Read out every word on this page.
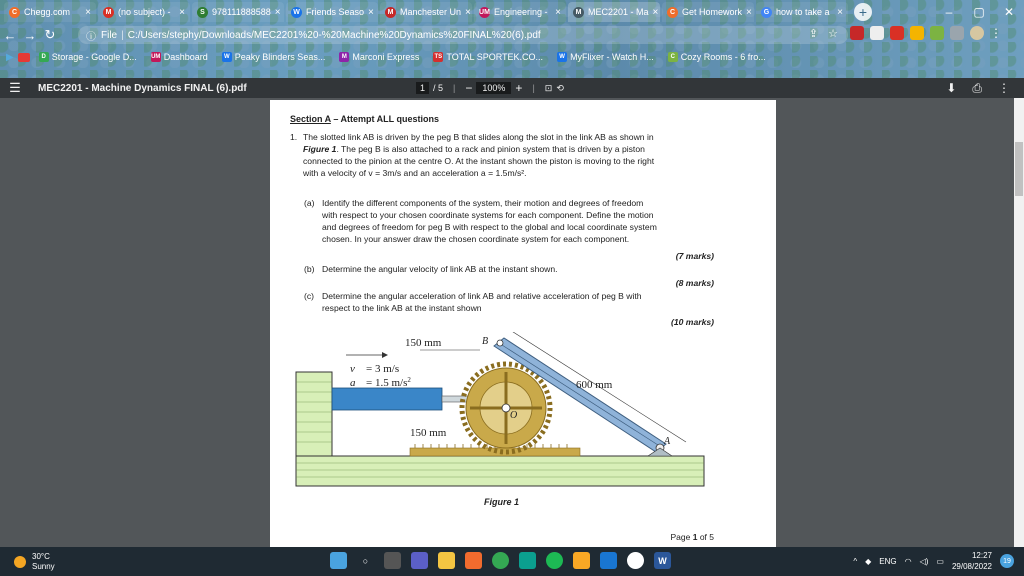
C Chegg.com	×	M (no subject) - ×	S 978111888588 ×	W Friends Seaso ×	M Manchester Un × UM Engineering - ×	M MEC2201 - Ma ×	C Get Homework ×	G how to take a ×	+	–	▢	✕
← → ↻	ⓘ File | C:/Users/stephy/Downloads/MEC2201%20-%20Machine%20Dynamics%20FINAL%20(6).pdf	⇪ ☆	⋮
▶	D Storage - Google D... UM Dashboard	W Peaky Blinders Seas...	M Marconi Express	TS TOTAL SPORTEK.CO...	W MyFlixer - Watch H...	C Cozy Rooms - 6 fro...
☰	MEC2201 - Machine Dynamics FINAL (6).pdf	1 / 5 | −	100% + | ⊡ ⟲	⬇ ⎙ ⋮
Section A – Attempt ALL questions
1. The slotted link AB is driven by the peg B that slides along the slot in the link AB as shown in
Figure 1. The peg B is also attached to a rack and pinion system that is driven by a piston
connected to the pinion at the centre O. At the instant shown the piston is moving to the right
with a velocity of v = 3m/s and an acceleration a = 1.5m/s².
(a) Identify the different components of the system, their motion and degrees of freedom
with respect to your chosen coordinate systems for each component. Define the motion
and degrees of freedom for peg B with respect to the global and local coordinate system
chosen. In your answer draw the chosen coordinate system for each component.
(7 marks)
(b) Determine the angular velocity of link AB at the instant shown.
(8 marks)
(c) Determine the angular acceleration of link AB and relative acceleration of peg B with
respect to the link AB at the instant shown
(10 marks)
150 mm	B
600 mm
v = 3 m/s
a = 1.5 $m/s^2$
O
150 mm
A
Figure 1
Page 1 of 5
30°C
Sunny
○	W	^ ◆ ENG ◠ ◁) ▭
12:27
29/08/2022
19
